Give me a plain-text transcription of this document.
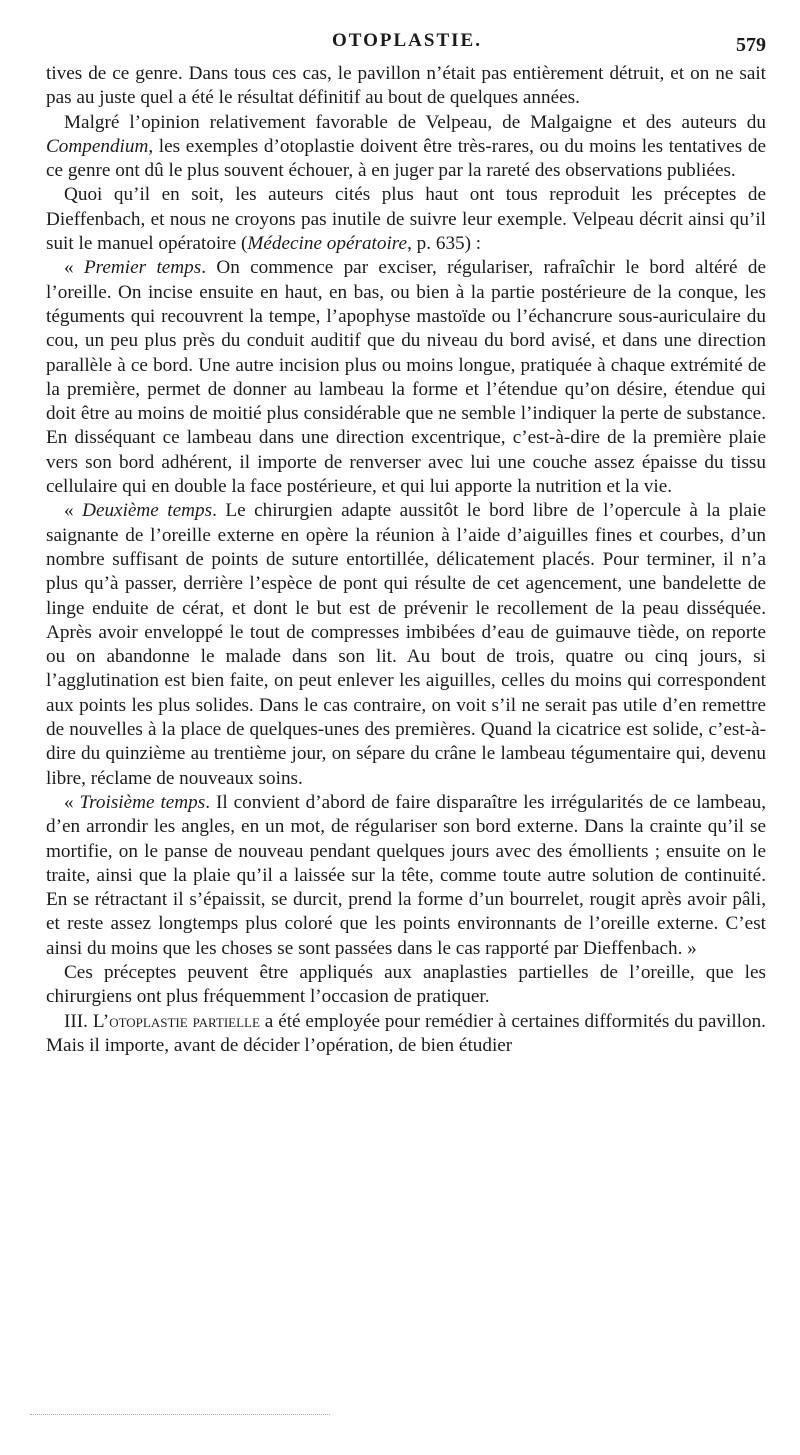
OTOPLASTIE.	579

tives de ce genre. Dans tous ces cas, le pavillon n’était pas entièrement détruit, et on ne sait pas au juste quel a été le résultat définitif au bout de quelques années.

Malgré l’opinion relativement favorable de Velpeau, de Malgaigne et des auteurs du Compendium, les exemples d’otoplastie doivent être très-rares, ou du moins les tentatives de ce genre ont dû le plus souvent échouer, à en juger par la rareté des observations publiées.

Quoi qu’il en soit, les auteurs cités plus haut ont tous reproduit les préceptes de Dieffenbach, et nous ne croyons pas inutile de suivre leur exemple. Velpeau décrit ainsi qu’il suit le manuel opératoire (Médecine opératoire, p. 635) :

« Premier temps. On commence par exciser, régulariser, rafraîchir le bord altéré de l’oreille. On incise ensuite en haut, en bas, ou bien à la partie postérieure de la conque, les téguments qui recouvrent la tempe, l’apophyse mastoïde ou l’échancrure sous-auriculaire du cou, un peu plus près du conduit auditif que du niveau du bord avisé, et dans une direction parallèle à ce bord. Une autre incision plus ou moins longue, pratiquée à chaque extrémité de la première, permet de donner au lambeau la forme et l’étendue qu’on désire, étendue qui doit être au moins de moitié plus considérable que ne semble l’indiquer la perte de substance. En disséquant ce lambeau dans une direction excentrique, c’est-à-dire de la première plaie vers son bord adhérent, il importe de renverser avec lui une couche assez épaisse du tissu cellulaire qui en double la face postérieure, et qui lui apporte la nutrition et la vie.

« Deuxième temps. Le chirurgien adapte aussitôt le bord libre de l’opercule à la plaie saignante de l’oreille externe en opère la réunion à l’aide d’aiguilles fines et courbes, d’un nombre suffisant de points de suture entortillée, délicatement placés. Pour terminer, il n’a plus qu’à passer, derrière l’espèce de pont qui résulte de cet agencement, une bandelette de linge enduite de cérat, et dont le but est de prévenir le recollement de la peau disséquée. Après avoir enveloppé le tout de compresses imbibées d’eau de guimauve tiède, on reporte ou on abandonne le malade dans son lit. Au bout de trois, quatre ou cinq jours, si l’agglutination est bien faite, on peut enlever les aiguilles, celles du moins qui correspondent aux points les plus solides. Dans le cas contraire, on voit s’il ne serait pas utile d’en remettre de nouvelles à la place de quelques-unes des premières. Quand la cicatrice est solide, c’est-à-dire du quinzième au trentième jour, on sépare du crâne le lambeau tégumentaire qui, devenu libre, réclame de nouveaux soins.

« Troisième temps. Il convient d’abord de faire disparaître les irrégularités de ce lambeau, d’en arrondir les angles, en un mot, de régulariser son bord externe. Dans la crainte qu’il se mortifie, on le panse de nouveau pendant quelques jours avec des émollients ; ensuite on le traite, ainsi que la plaie qu’il a laissée sur la tête, comme toute autre solution de continuité. En se rétractant il s’épaissit, se durcit, prend la forme d’un bourrelet, rougit après avoir pâli, et reste assez longtemps plus coloré que les points environnants de l’oreille externe. C’est ainsi du moins que les choses se sont passées dans le cas rapporté par Dieffenbach. »

Ces préceptes peuvent être appliqués aux anaplasties partielles de l’oreille, que les chirurgiens ont plus fréquemment l’occasion de pratiquer.

III. L’otoplastie partielle a été employée pour remédier à certaines difformités du pavillon. Mais il importe, avant de décider l’opération, de bien étudier
